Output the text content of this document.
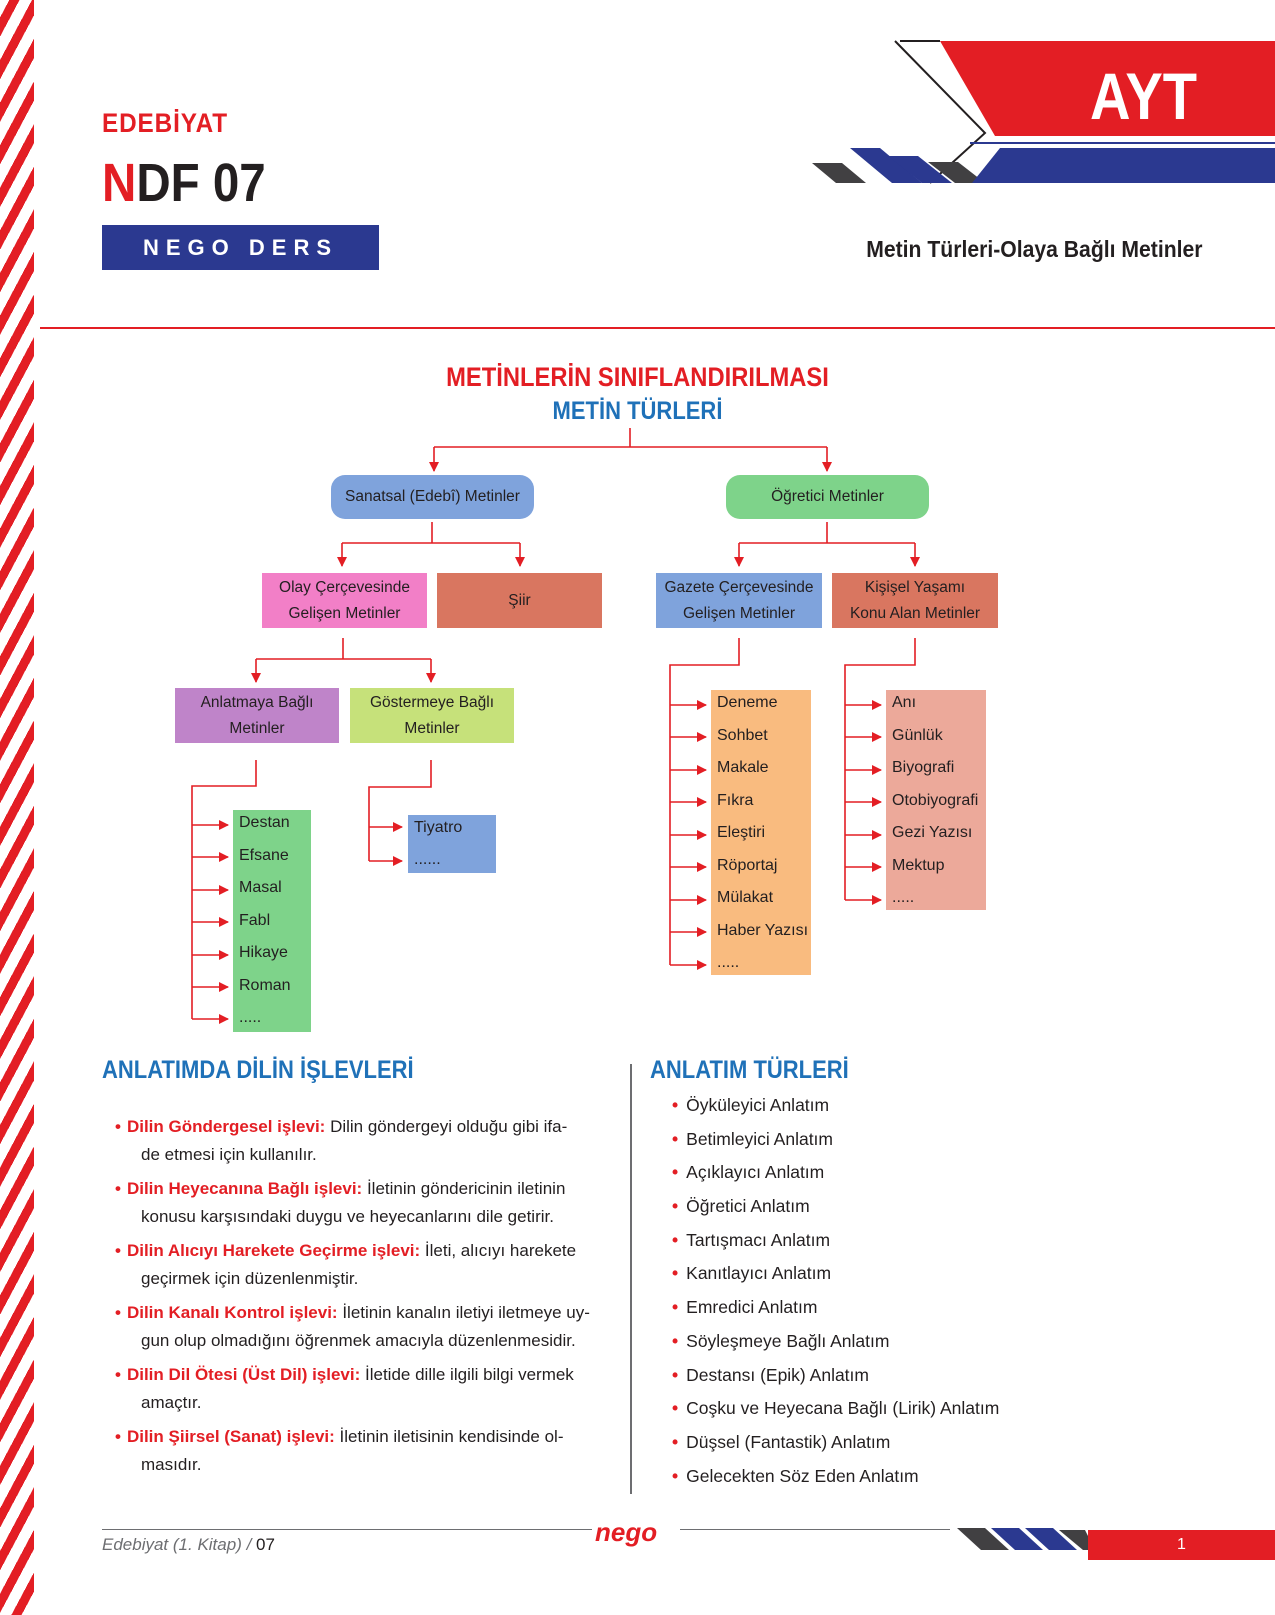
EDEBİYAT
NDF 07
NEGO DERS FÖYÜ
AYT
Metin Türleri-Olaya Bağlı Metinler
METİNLERİN SINIFLANDIRILMASI
METİN TÜRLERİ
Sanatsal (Edebî) Metinler	Öğretici Metinler
Olay Çerçevesinde
Gelişen Metinler
Şiir
Gazete Çerçevesinde
Gelişen Metinler
Kişişel Yaşamı
Konu Alan Metinler
Anlatmaya Bağlı
Metinler
Göstermeye Bağlı
Metinler
Destan
Efsane
Masal
Fabl
Hikaye
Roman
.....
Tiyatro
......
Deneme
Sohbet
Makale
Fıkra
Eleştiri
Röportaj
Mülakat
Haber Yazısı
.....
Anı
Günlük
Biyografi
Otobiyografi
Gezi Yazısı
Mektup
.....
ANLATIMDA DİLİN İŞLEVLERİ
• Dilin Göndergesel işlevi: Dilin göndergeyi olduğu gibi ifa-
de etmesi için kullanılır.
• Dilin Heyecanına Bağlı işlevi: İletinin göndericinin iletinin
konusu karşısındaki duygu ve heyecanlarını dile getirir.
• Dilin Alıcıyı Harekete Geçirme işlevi: İleti, alıcıyı harekete
geçirmek için düzenlenmiştir.
• Dilin Kanalı Kontrol işlevi: İletinin kanalın iletiyi iletmeye uy-
gun olup olmadığını öğrenmek amacıyla düzenlenmesidir.
• Dilin Dil Ötesi (Üst Dil) işlevi: İletide dille ilgili bilgi vermek
amaçtır.
• Dilin Şiirsel (Sanat) işlevi: İletinin iletisinin kendisinde ol-
masıdır.
ANLATIM TÜRLERİ
• Öyküleyici Anlatım
• Betimleyici Anlatım
• Açıklayıcı Anlatım
• Öğretici Anlatım
• Tartışmacı Anlatım
• Kanıtlayıcı Anlatım
• Emredici Anlatım
• Söyleşmeye Bağlı Anlatım
• Destansı (Epik) Anlatım
• Coşku ve Heyecana Bağlı (Lirik) Anlatım
• Düşsel (Fantastik) Anlatım
• Gelecekten Söz Eden Anlatım
Edebiyat (1. Kitap) / 07	nego	1
